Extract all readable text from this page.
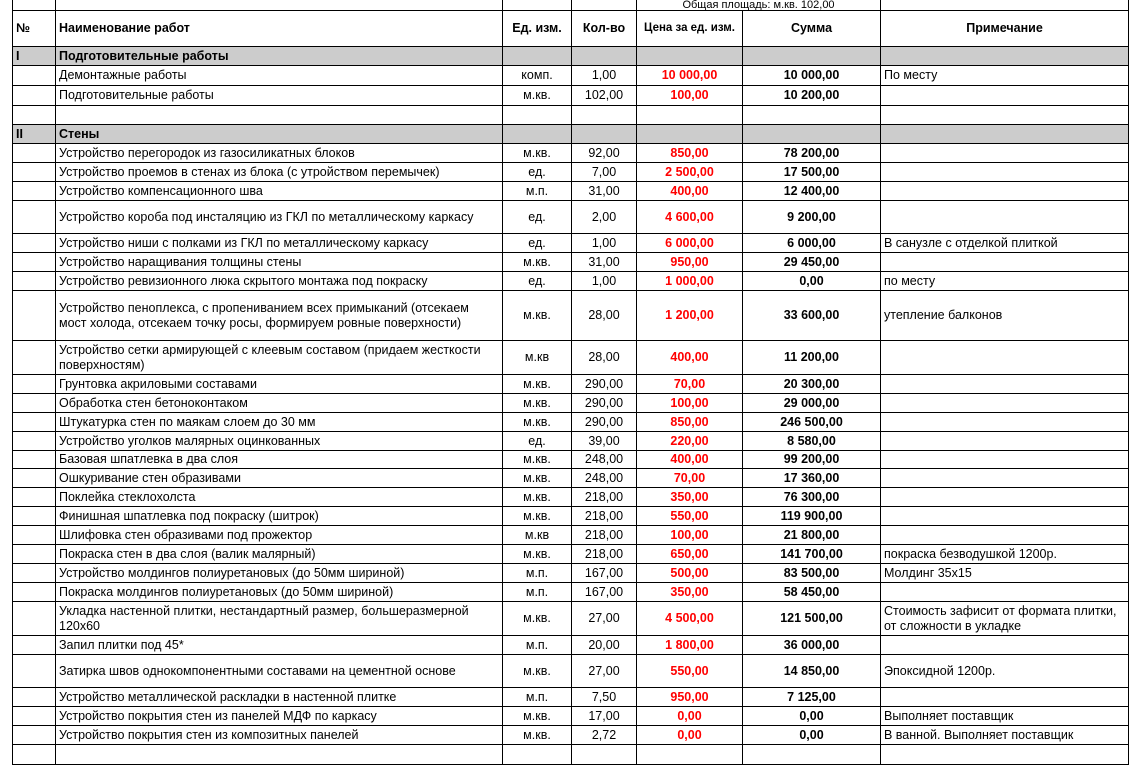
				Общая площадь: м.кв. 102,00		
№	Наименование работ	Ед. изм.	Кол-во	Цена за ед. изм.	Сумма	Примечание
I	Подготовительные работы					
	Демонтажные работы	комп.	1,00	10 000,00	10 000,00	По месту
	Подготовительные работы	м.кв.	102,00	100,00	10 200,00	

II	Стены					
	Устройство перегородок из газосиликатных блоков	м.кв.	92,00	850,00	78 200,00	
	Устройство проемов в стенах из блока (с утройством перемычек)	ед.	7,00	2 500,00	17 500,00	
	Устройство компенсационного шва	м.п.	31,00	400,00	12 400,00	
	Устройство короба под инсталяцию из ГКЛ по металлическому каркасу	ед.	2,00	4 600,00	9 200,00	
	Устройство ниши с полками из ГКЛ по металлическому каркасу	ед.	1,00	6 000,00	6 000,00	В санузле с отделкой плиткой
	Устройство наращивания толщины стены	м.кв.	31,00	950,00	29 450,00	
	Устройство ревизионного люка скрытого монтажа под покраску	ед.	1,00	1 000,00	0,00	по месту
	Устройство пеноплекса, с пропениванием всех примыканий (отсекаем мост холода, отсекаем точку росы, формируем ровные поверхности)	м.кв.	28,00	1 200,00	33 600,00	утепление балконов
	Устройство сетки армирующей с клеевым составом (придаем жесткости поверхностям)	м.кв	28,00	400,00	11 200,00	
	Грунтовка акриловыми составами	м.кв.	290,00	70,00	20 300,00	
	Обработка стен бетоноконтаком	м.кв.	290,00	100,00	29 000,00	
	Штукатурка стен по маякам слоем до 30 мм	м.кв.	290,00	850,00	246 500,00	
	Устройство уголков малярных оцинкованных	ед.	39,00	220,00	8 580,00	
	Базовая шпатлевка в два слоя	м.кв.	248,00	400,00	99 200,00	
	Ошкуривание стен образивами	м.кв.	248,00	70,00	17 360,00	
	Поклейка стеклохолста	м.кв.	218,00	350,00	76 300,00	
	Финишная шпатлевка под покраску (шитрок)	м.кв.	218,00	550,00	119 900,00	
	Шлифовка стен образивами под прожектор	м.кв	218,00	100,00	21 800,00	
	Покраска стен в два слоя (валик малярный)	м.кв.	218,00	650,00	141 700,00	покраска безводушкой 1200р.
	Устройство молдингов полиуретановых (до 50мм шириной)	м.п.	167,00	500,00	83 500,00	Молдинг 35х15
	Покраска молдингов полиуретановых (до 50мм шириной)	м.п.	167,00	350,00	58 450,00	
	Укладка настенной плитки, нестандартный размер, большеразмерной 120х60	м.кв.	27,00	4 500,00	121 500,00	Стоимость зафисит от формата плитки, от сложности в укладке
	Запил плитки под 45*	м.п.	20,00	1 800,00	36 000,00	
	Затирка швов однокомпонентными составами на цементной основе	м.кв.	27,00	550,00	14 850,00	Эпоксидной 1200р.
	Устройство металлической раскладки в настенной плитке	м.п.	7,50	950,00	7 125,00	
	Устройство покрытия стен из панелей МДФ по каркасу	м.кв.	17,00	0,00	0,00	Выполняет поставщик
	Устройство покрытия стен из композитных панелей	м.кв.	2,72	0,00	0,00	В ванной. Выполняет поставщик
